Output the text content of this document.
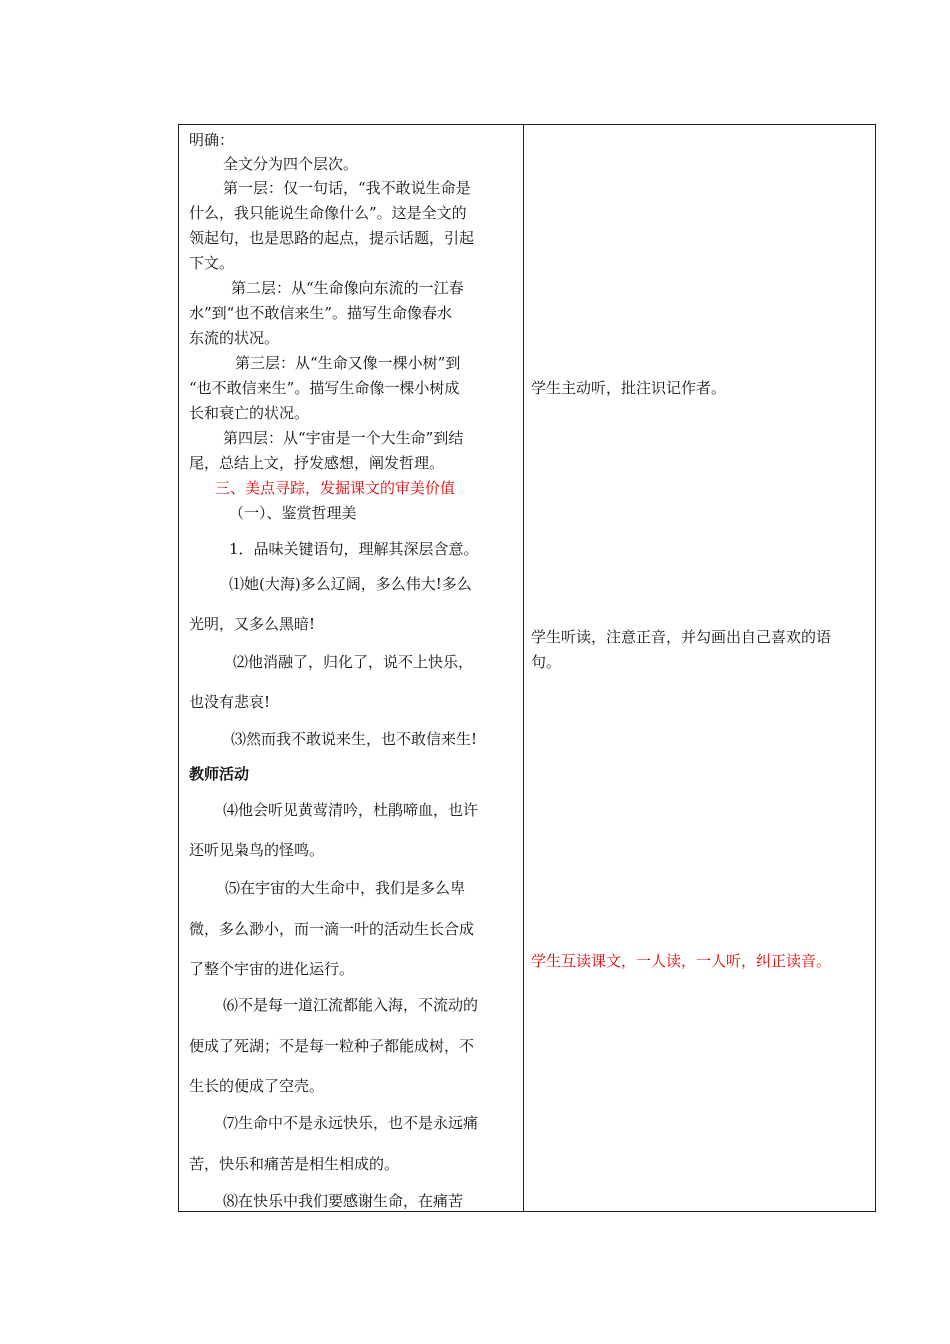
明确：
全文分为四个层次。
第一层：仅一句话，“我不敢说生命是
什么，我只能说生命像什么”。这是全文的
领起句，也是思路的起点，提示话题，引起
下文。
第二层：从“生命像向东流的一江春
水”到“也不敢信来生”。描写生命像春水
东流的状况。
第三层：从“生命又像一棵小树”到
“也不敢信来生”。描写生命像一棵小树成
长和衰亡的状况。
第四层：从“宇宙是一个大生命”到结
尾，总结上文，抒发感想，阐发哲理。
三、美点寻踪，发掘课文的审美价值
（一）、鉴赏哲理美
1．品味关键语句，理解其深层含意。
⑴她(大海)多么辽阔，多么伟大!多么
光明，又多么黑暗!
⑵他消融了，归化了，说不上快乐，
也没有悲哀!
⑶然而我不敢说来生，也不敢信来生!
教师活动
⑷他会听见黄莺清吟，杜鹃啼血，也许
还听见枭鸟的怪鸣。
⑸在宇宙的大生命中，我们是多么卑
微，多么渺小，而一滴一叶的活动生长合成
了整个宇宙的进化运行。
⑹不是每一道江流都能入海，不流动的
便成了死湖；不是每一粒种子都能成树，不
生长的便成了空壳。
⑺生命中不是永远快乐，也不是永远痛
苦，快乐和痛苦是相生相成的。
⑻在快乐中我们要感谢生命，在痛苦
学生主动听，批注识记作者。
学生听读，注意正音，并勾画出自己喜欢的语
句。
学生互读课文，一人读，一人听，纠正读音。
